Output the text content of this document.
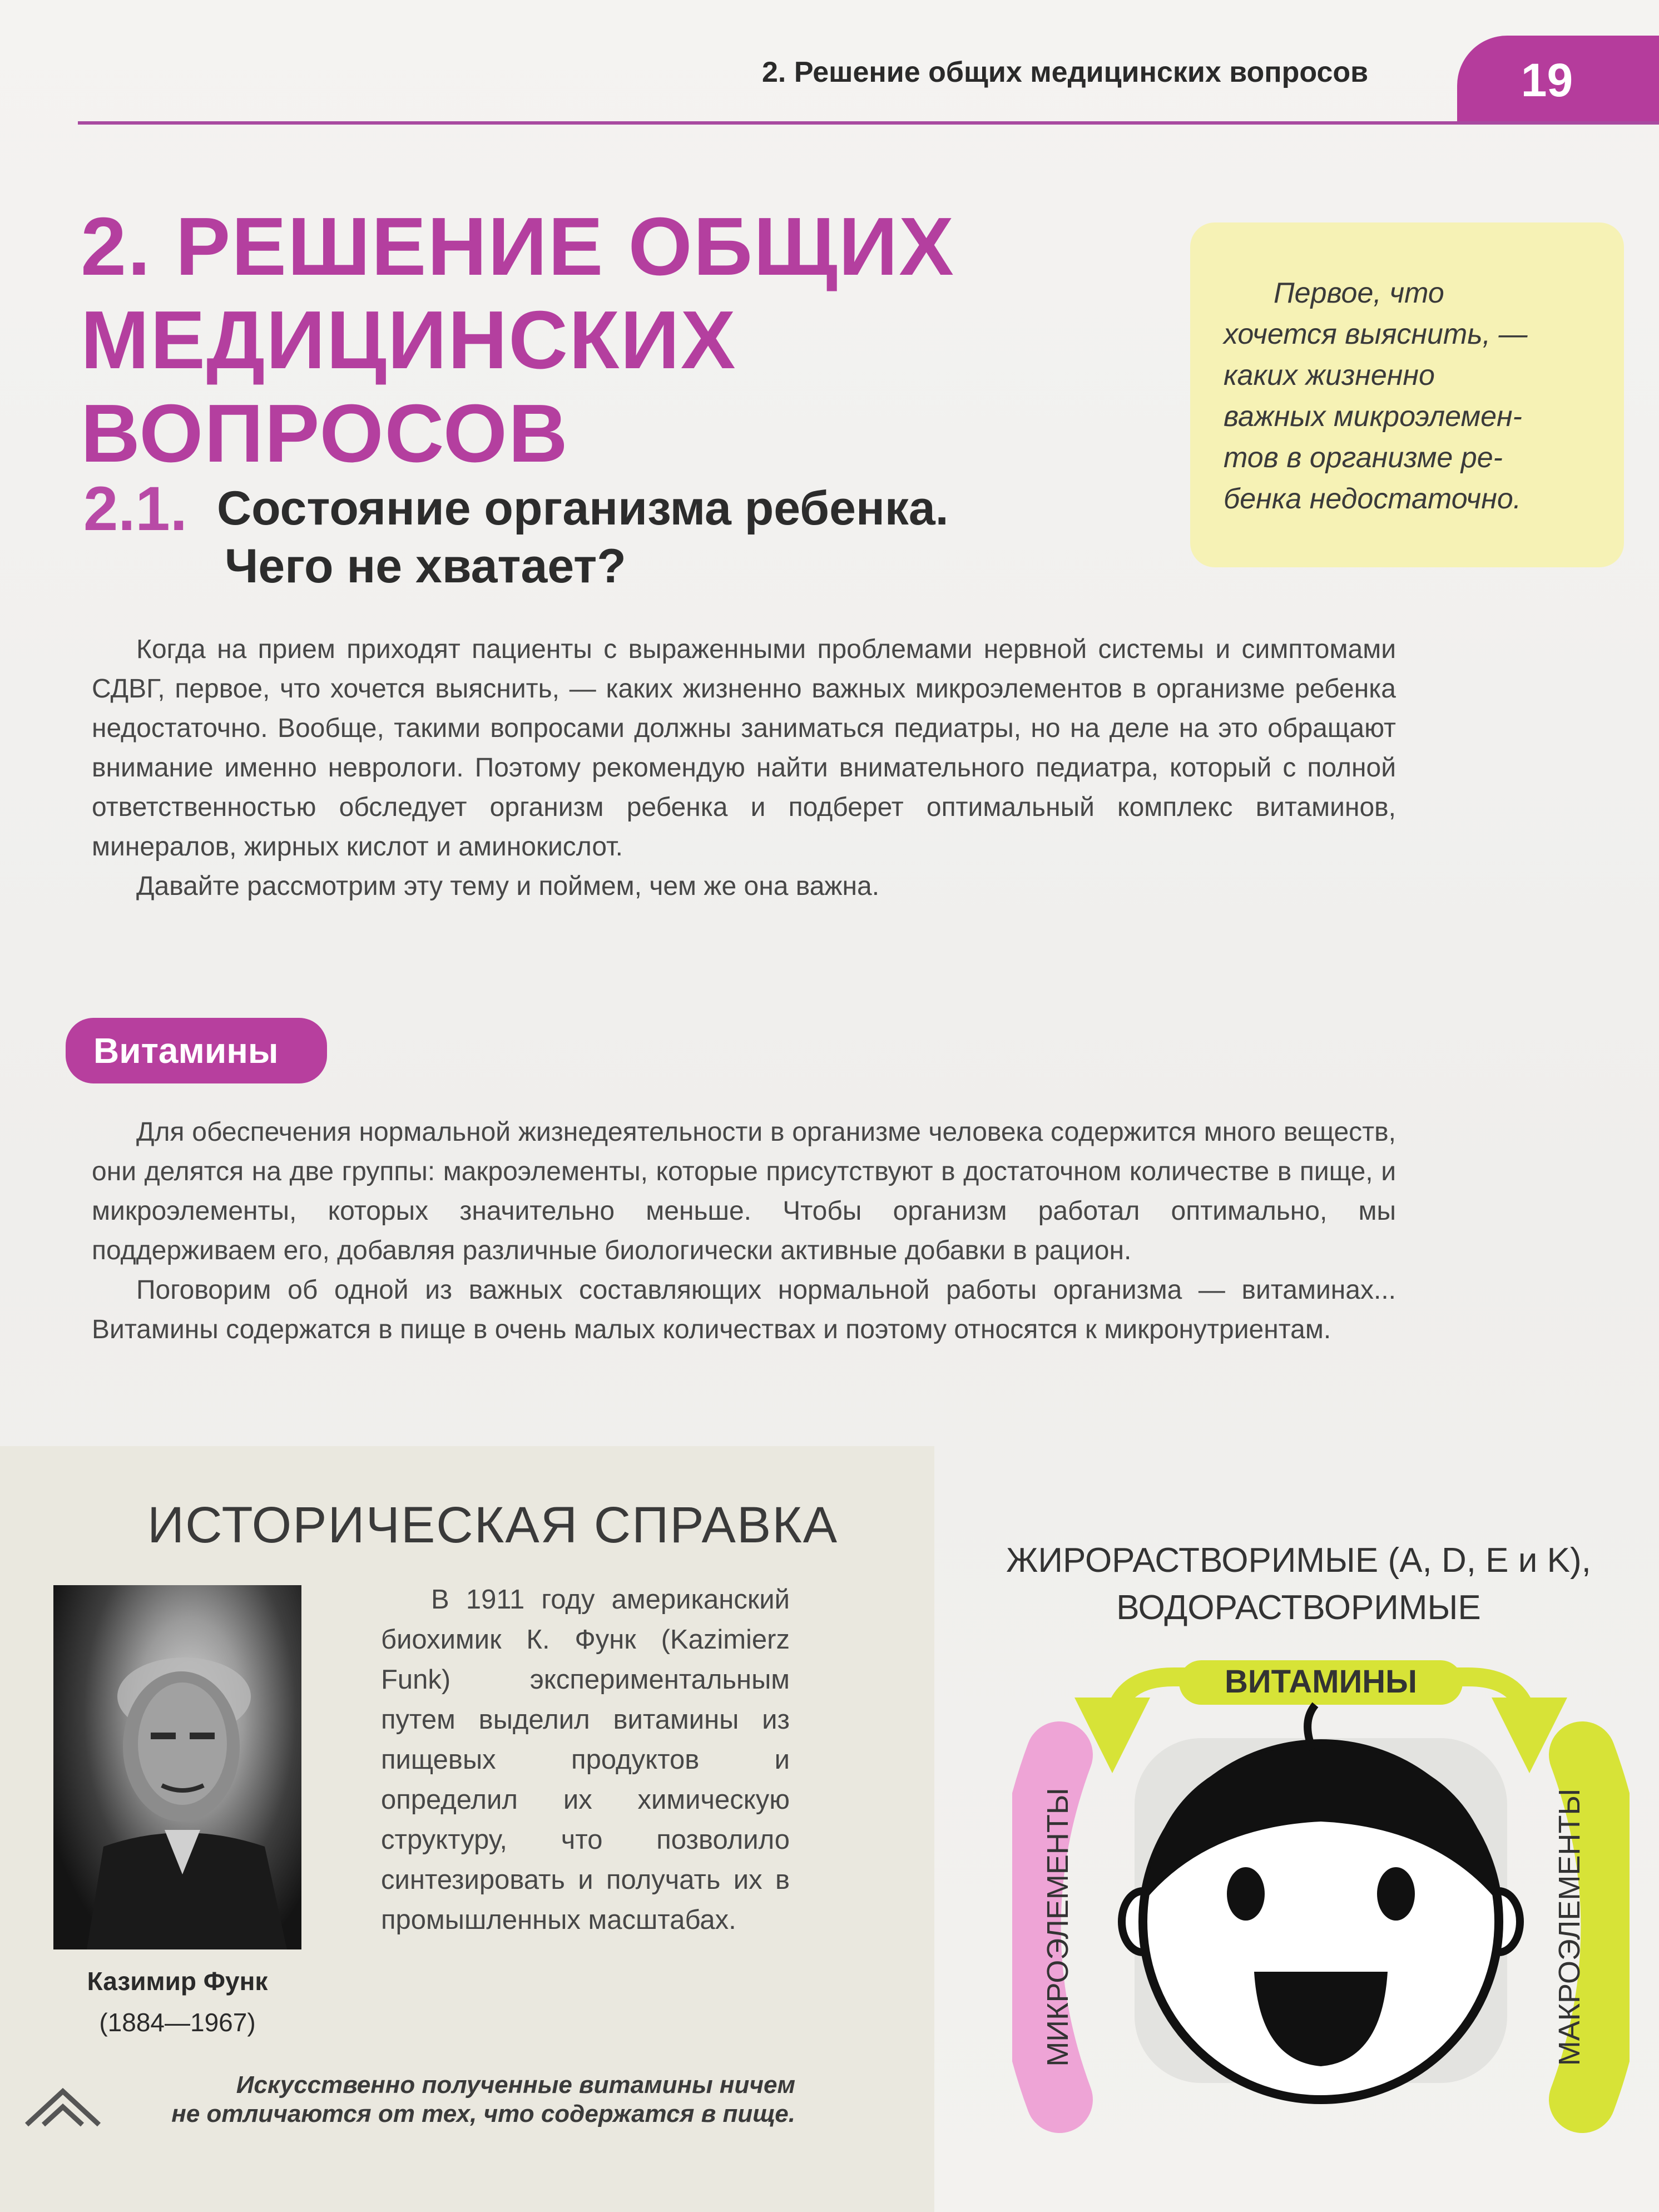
2. Решение общих медицинских вопросов	19
2. РЕШЕНИЕ ОБЩИХ
МЕДИЦИНСКИХ ВОПРОСОВ
Первое, что
хочется выяснить, —
каких жизненно
важных микроэлемен-
тов в организме ре-
бенка недостаточно.
2.1. Состояние организма ребенка.
Чего не хватает?

Когда на прием приходят пациенты с выраженными проблемами нервной системы и симптомами СДВГ, первое, что хочется выяснить, — каких жизненно важных микроэлементов в организме ребенка недостаточно. Вообще, такими вопросами должны заниматься педиатры, но на деле на это обращают внимание именно неврологи. Поэтому рекомендую найти внимательного педиатра, который с полной ответственностью обследует организм ребенка и подберет оптимальный комплекс витаминов, минералов, жирных кислот и аминокислот.

Давайте рассмотрим эту тему и поймем, чем же она важна.

Витамины

Для обеспечения нормальной жизнедеятельности в организме человека содержится много веществ, они делятся на две группы: макроэлементы, которые присутствуют в достаточном количестве в пище, и микроэлементы, которых значительно меньше. Чтобы организм работал оптимально, мы поддерживаем его, добавляя различные биологически активные добавки в рацион.

Поговорим об одной из важных составляющих нормальной работы организма — витаминах... Витамины содержатся в пище в очень малых количествах и поэтому относятся к микронутриентам.

ИСТОРИЧЕСКАЯ СПРАВКА
Казимир Функ
(1884—1967)
В 1911 году американский биохимик К. Функ (Kazimierz Funk) экспериментальным путем выделил витамины из пищевых продуктов и определил их химическую структуру, что позволило синтезировать и получать их в промышленных масштабах.
Искусственно полученные витамины ничем
не отличаются от тех, что содержатся в пище.
ЖИРОРАСТВОРИМЫЕ (A, D, E и K),
ВОДОРАСТВОРИМЫЕ
ВИТАМИНЫ
МИКРОЭЛЕМЕНТЫ	МАКРОЭЛЕМЕНТЫ
